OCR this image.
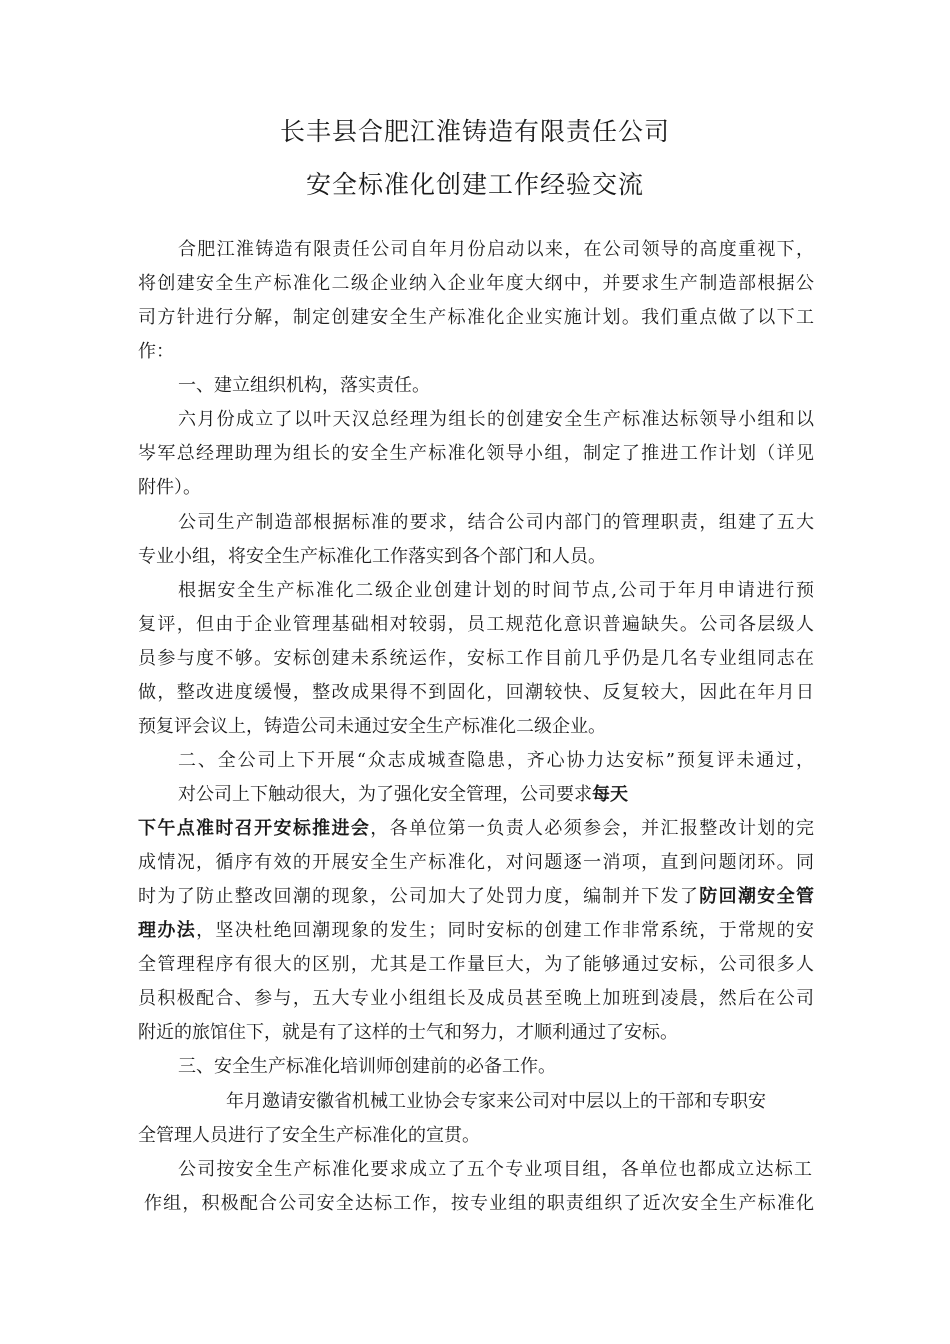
长丰县合肥江淮铸造有限责任公司
安全标准化创建工作经验交流
合肥江淮铸造有限责任公司自年月份启动以来，在公司领导的高度重视下，
将创建安全生产标准化二级企业纳入企业年度大纲中，并要求生产制造部根据公
司方针进行分解，制定创建安全生产标准化企业实施计划。我们重点做了以下工
作：
一、建立组织机构，落实责任。
六月份成立了以叶天汉总经理为组长的创建安全生产标准达标领导小组和以
岑军总经理助理为组长的安全生产标准化领导小组，制定了推进工作计划（详见
附件）。
公司生产制造部根据标准的要求，结合公司内部门的管理职责，组建了五大
专业小组，将安全生产标准化工作落实到各个部门和人员。
根据安全生产标准化二级企业创建计划的时间节点,公司于年月申请进行预
复评，但由于企业管理基础相对较弱，员工规范化意识普遍缺失。公司各层级人
员参与度不够。安标创建未系统运作，安标工作目前几乎仍是几名专业组同志在
做，整改进度缓慢，整改成果得不到固化，回潮较快、反复较大，因此在年月日
预复评会议上，铸造公司未通过安全生产标准化二级企业。
二、全公司上下开展“众志成城查隐患，齐心协力达安标”预复评未通过，
对公司上下触动很大，为了强化安全管理，公司要求每天
下午点准时召开安标推进会，各单位第一负责人必须参会，并汇报整改计划的完
成情况，循序有效的开展安全生产标准化，对问题逐一消项，直到问题闭环。同
时为了防止整改回潮的现象，公司加大了处罚力度，编制并下发了防回潮安全管
理办法，坚决杜绝回潮现象的发生；同时安标的创建工作非常系统，于常规的安
全管理程序有很大的区别，尤其是工作量巨大，为了能够通过安标，公司很多人
员积极配合、参与，五大专业小组组长及成员甚至晚上加班到凌晨，然后在公司
附近的旅馆住下，就是有了这样的士气和努力，才顺利通过了安标。
三、安全生产标准化培训师创建前的必备工作。
年月邀请安徽省机械工业协会专家来公司对中层以上的干部和专职安
全管理人员进行了安全生产标准化的宣贯。
公司按安全生产标准化要求成立了五个专业项目组，各单位也都成立达标工
作组，积极配合公司安全达标工作，按专业组的职责组织了近次安全生产标准化
